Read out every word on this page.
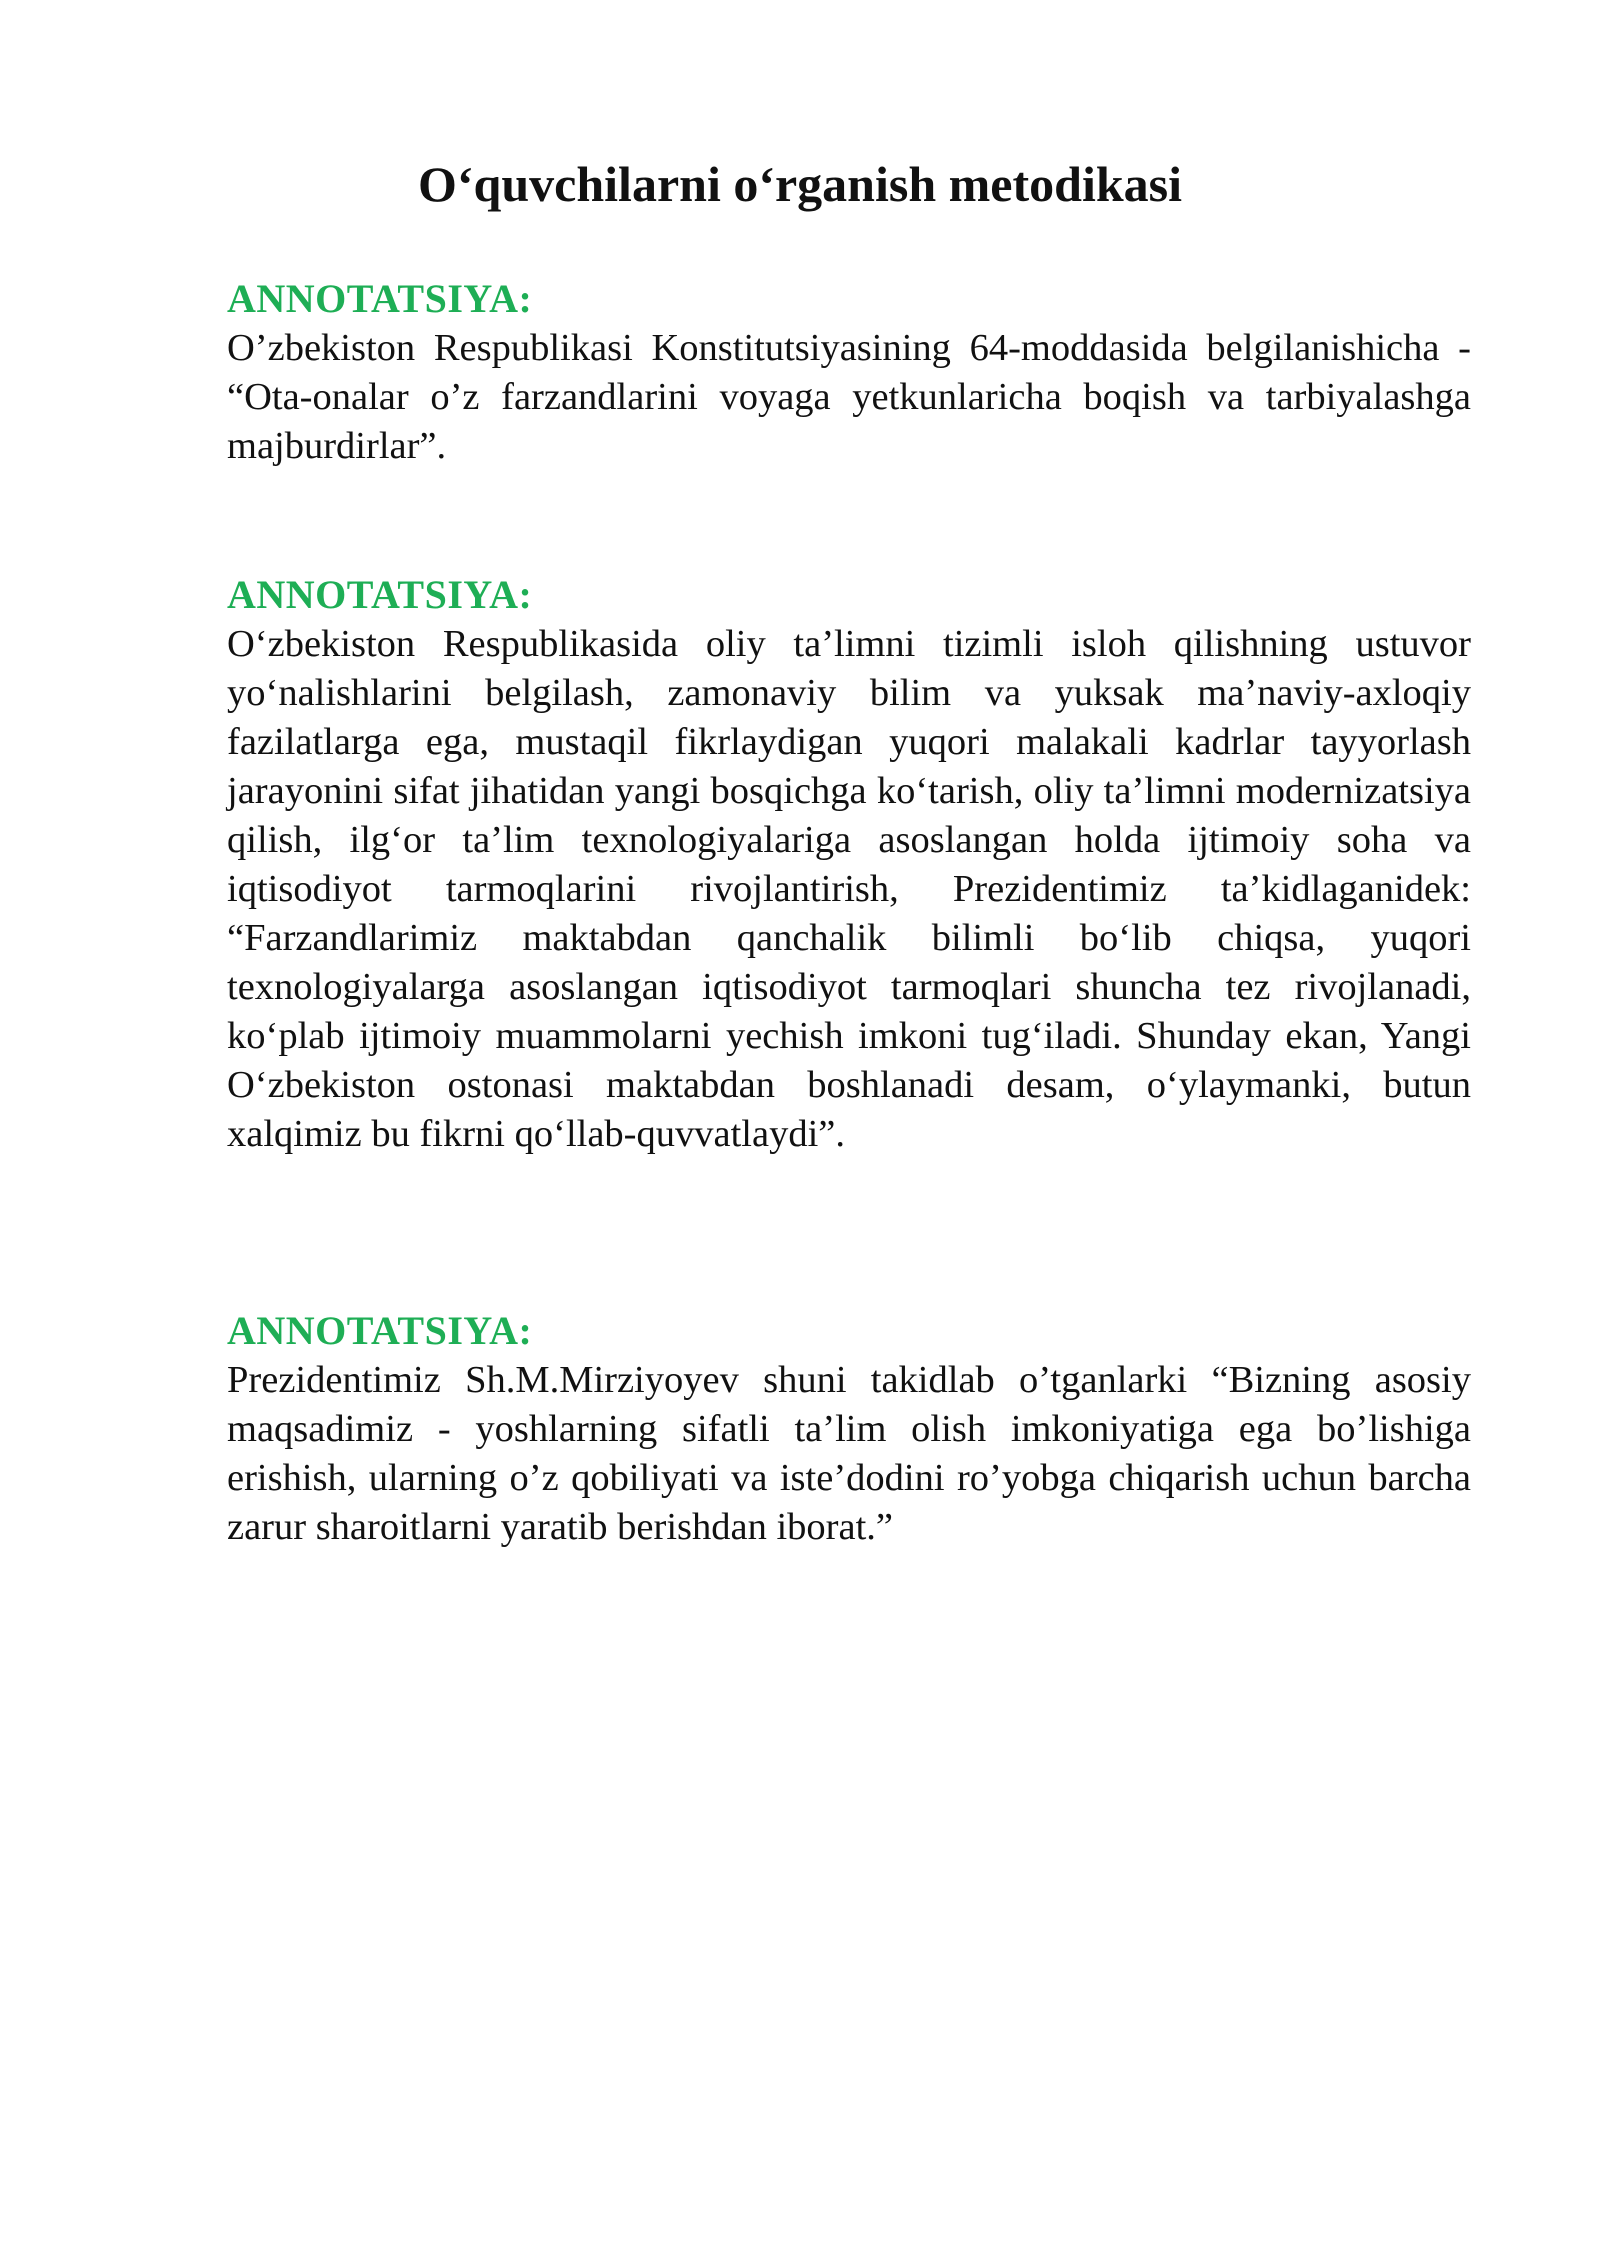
O‘quvchilarni o‘rganish metodikasi

ANNOTATSIYA:

O’zbekiston Respublikasi Konstitutsiyasining 64-moddasida belgilanishicha - “Ota-onalar o’z farzandlarini voyaga yetkunlaricha boqish va tarbiyalashga majburdirlar”.

ANNOTATSIYA:

O‘zbekiston Respublikasida oliy ta’limni tizimli isloh qilishning ustuvor yo‘nalishlarini belgilash, zamonaviy bilim va yuksak ma’naviy-axloqiy fazilatlarga ega, mustaqil fikrlaydigan yuqori malakali kadrlar tayyorlash jarayonini sifat jihatidan yangi bosqichga ko‘tarish, oliy ta’limni modernizatsiya qilish, ilg‘or ta’lim texnologiyalariga asoslangan holda ijtimoiy soha va iqtisodiyot tarmoqlarini rivojlantirish, Prezidentimiz ta’kidlaganidek: “Farzandlarimiz maktabdan qanchalik bilimli bo‘lib chiqsa, yuqori texnologiyalarga asoslangan iqtisodiyot tarmoqlari shuncha tez rivojlanadi, ko‘plab ijtimoiy muammolarni yechish imkoni tug‘iladi. Shunday ekan, Yangi O‘zbekiston ostonasi maktabdan boshlanadi desam, o‘ylaymanki, butun xalqimiz bu fikrni qo‘llab-quvvatlaydi”.

ANNOTATSIYA:

Prezidentimiz Sh.M.Mirziyoyev shuni takidlab o’tganlarki “Bizning asosiy maqsadimiz - yoshlarning sifatli ta’lim olish imkoniyatiga ega bo’lishiga erishish, ularning o’z qobiliyati va iste’dodini ro’yobga chiqarish uchun barcha zarur sharoitlarni yaratib berishdan iborat.”
